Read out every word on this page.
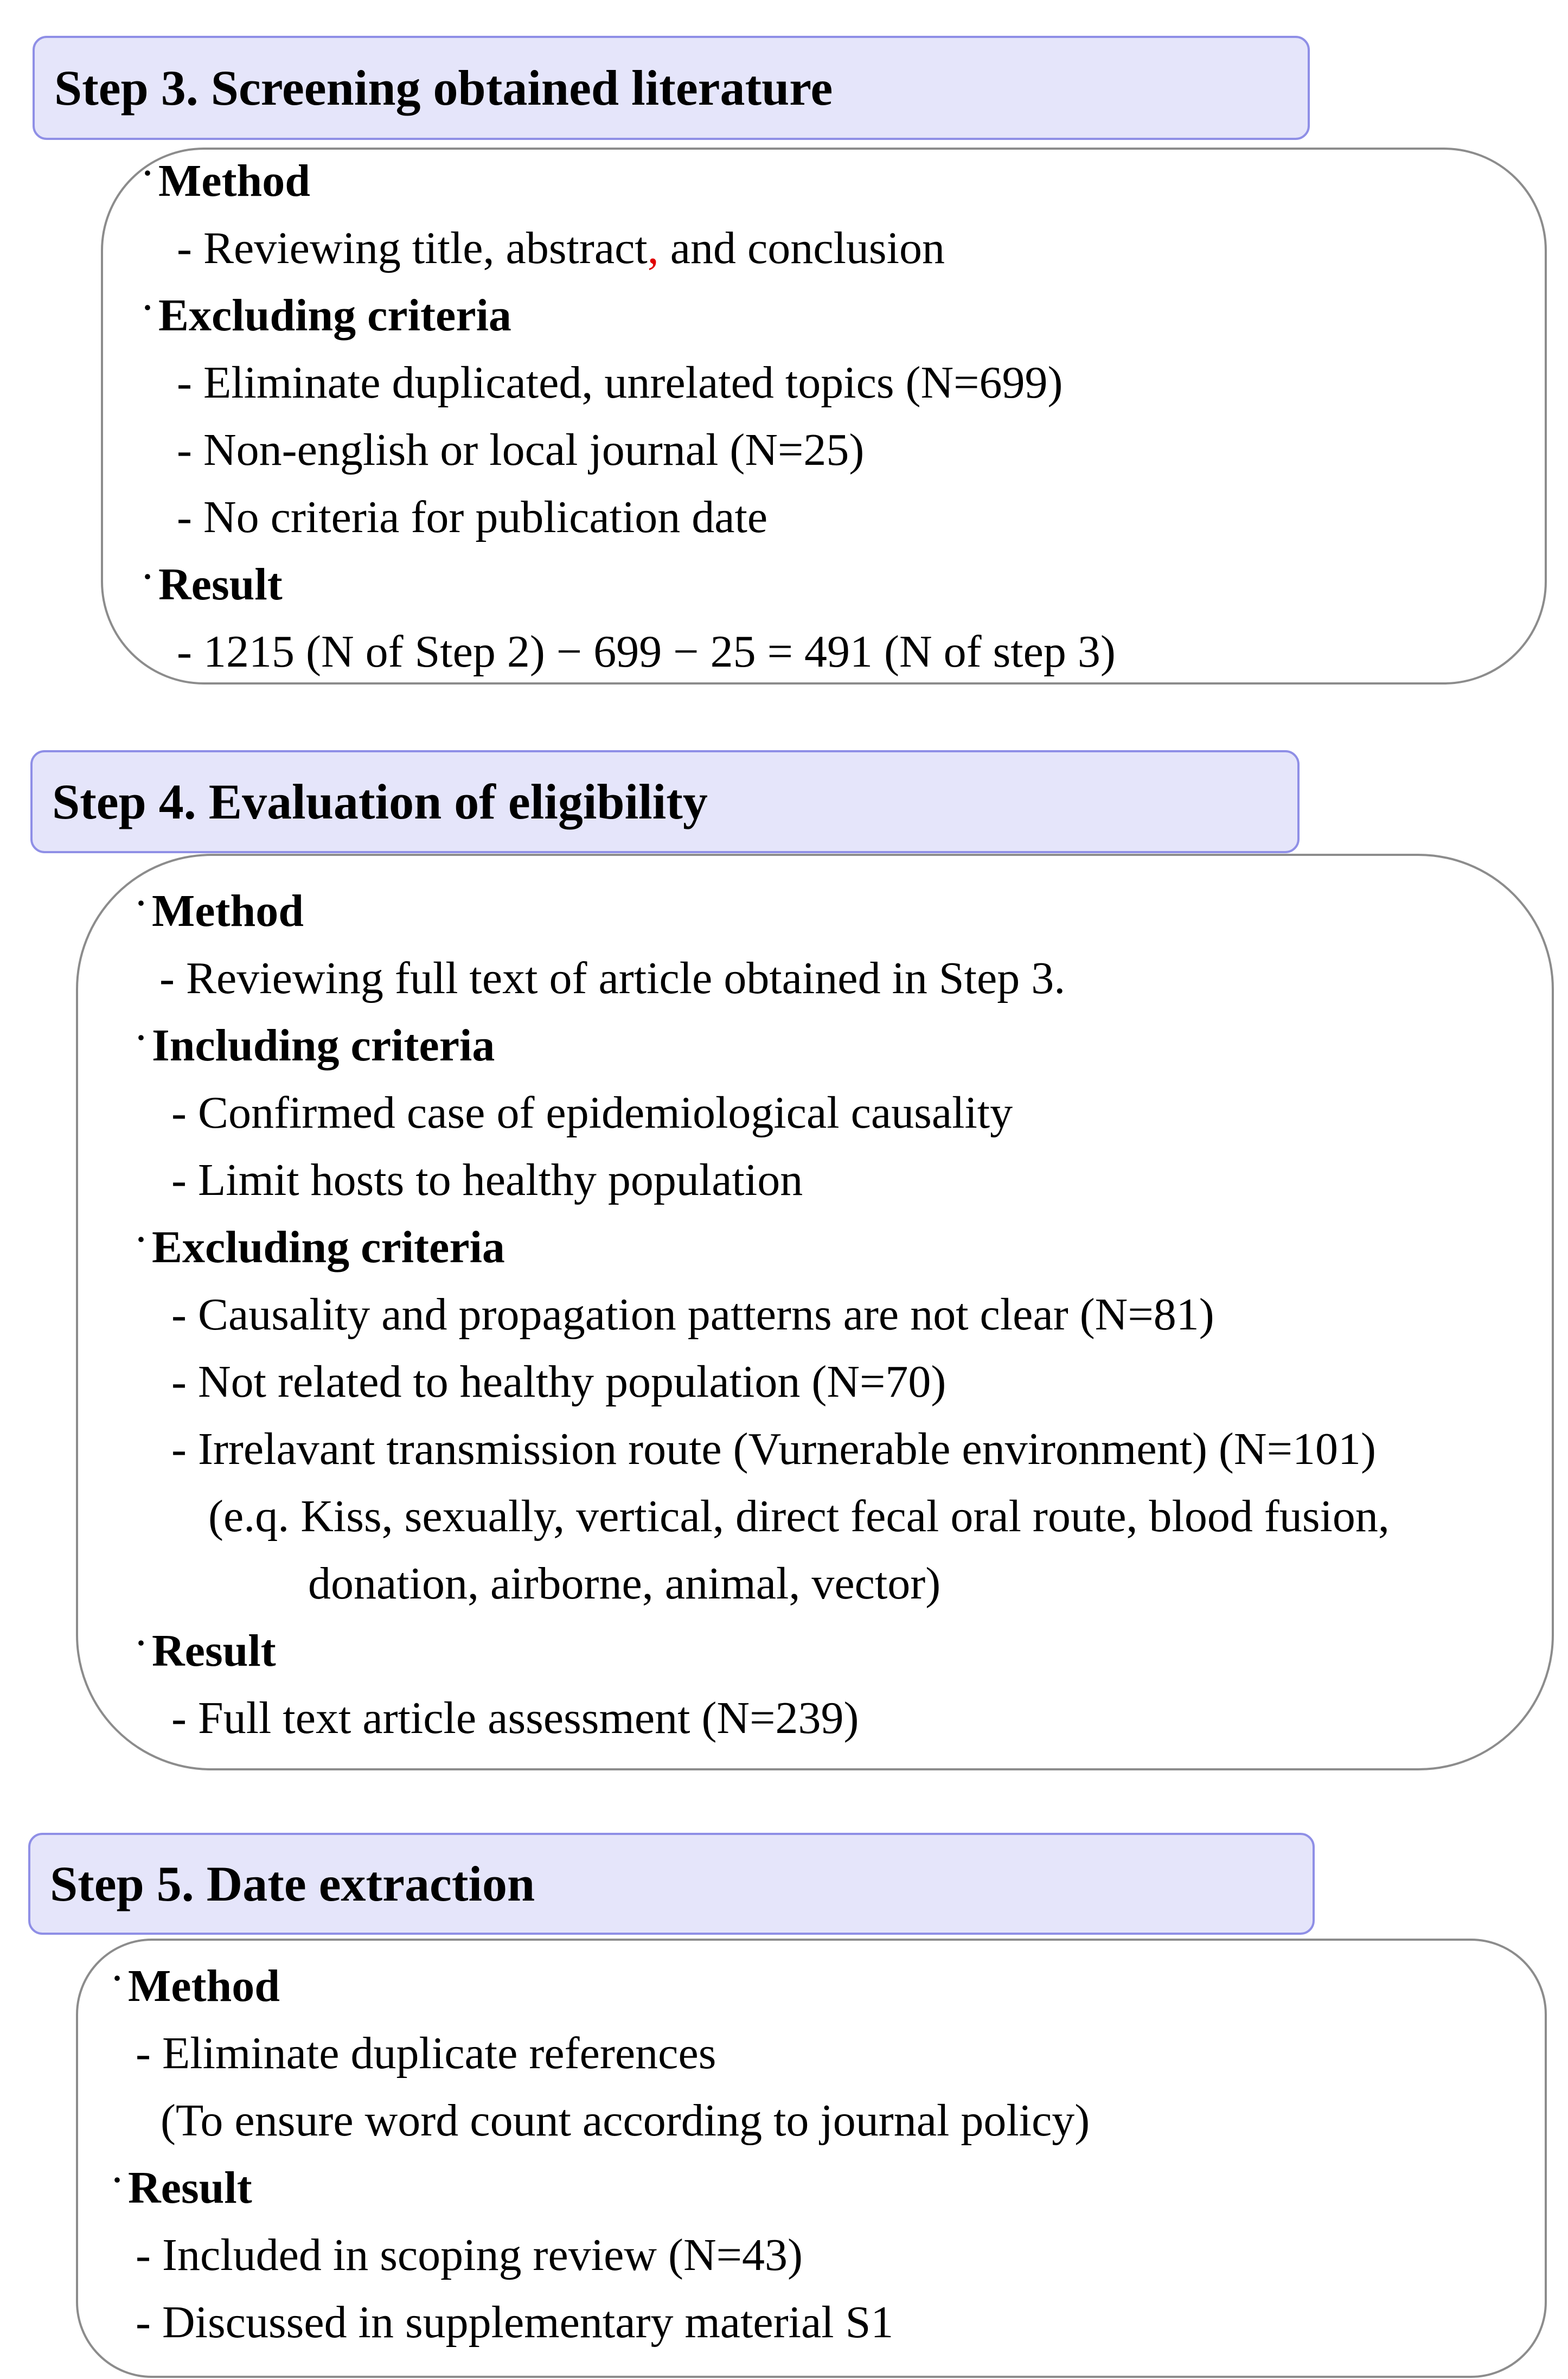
Step 3. Screening obtained literature
· Method
- Reviewing title, abstract, and conclusion
· Excluding criteria
- Eliminate duplicated, unrelated topics (N=699)
- Non-english or local journal (N=25)
- No criteria for publication date
· Result
- 1215 (N of Step 2) − 699 − 25 = 491 (N of step 3)
Step 4. Evaluation of eligibility
· Method
- Reviewing full text of article obtained in Step 3.
· Including criteria
- Confirmed case of epidemiological causality
- Limit hosts to healthy population
· Excluding criteria
- Causality and propagation patterns are not clear (N=81)
- Not related to healthy population (N=70)
- Irrelavant transmission route (Vurnerable environment) (N=101)
(e.q. Kiss, sexually, vertical, direct fecal oral route, blood fusion,
donation, airborne, animal, vector)
· Result
- Full text article assessment (N=239)
Step 5. Date extraction
· Method
- Eliminate duplicate references
(To ensure word count according to journal policy)
· Result
- Included in scoping review (N=43)
- Discussed in supplementary material S1
